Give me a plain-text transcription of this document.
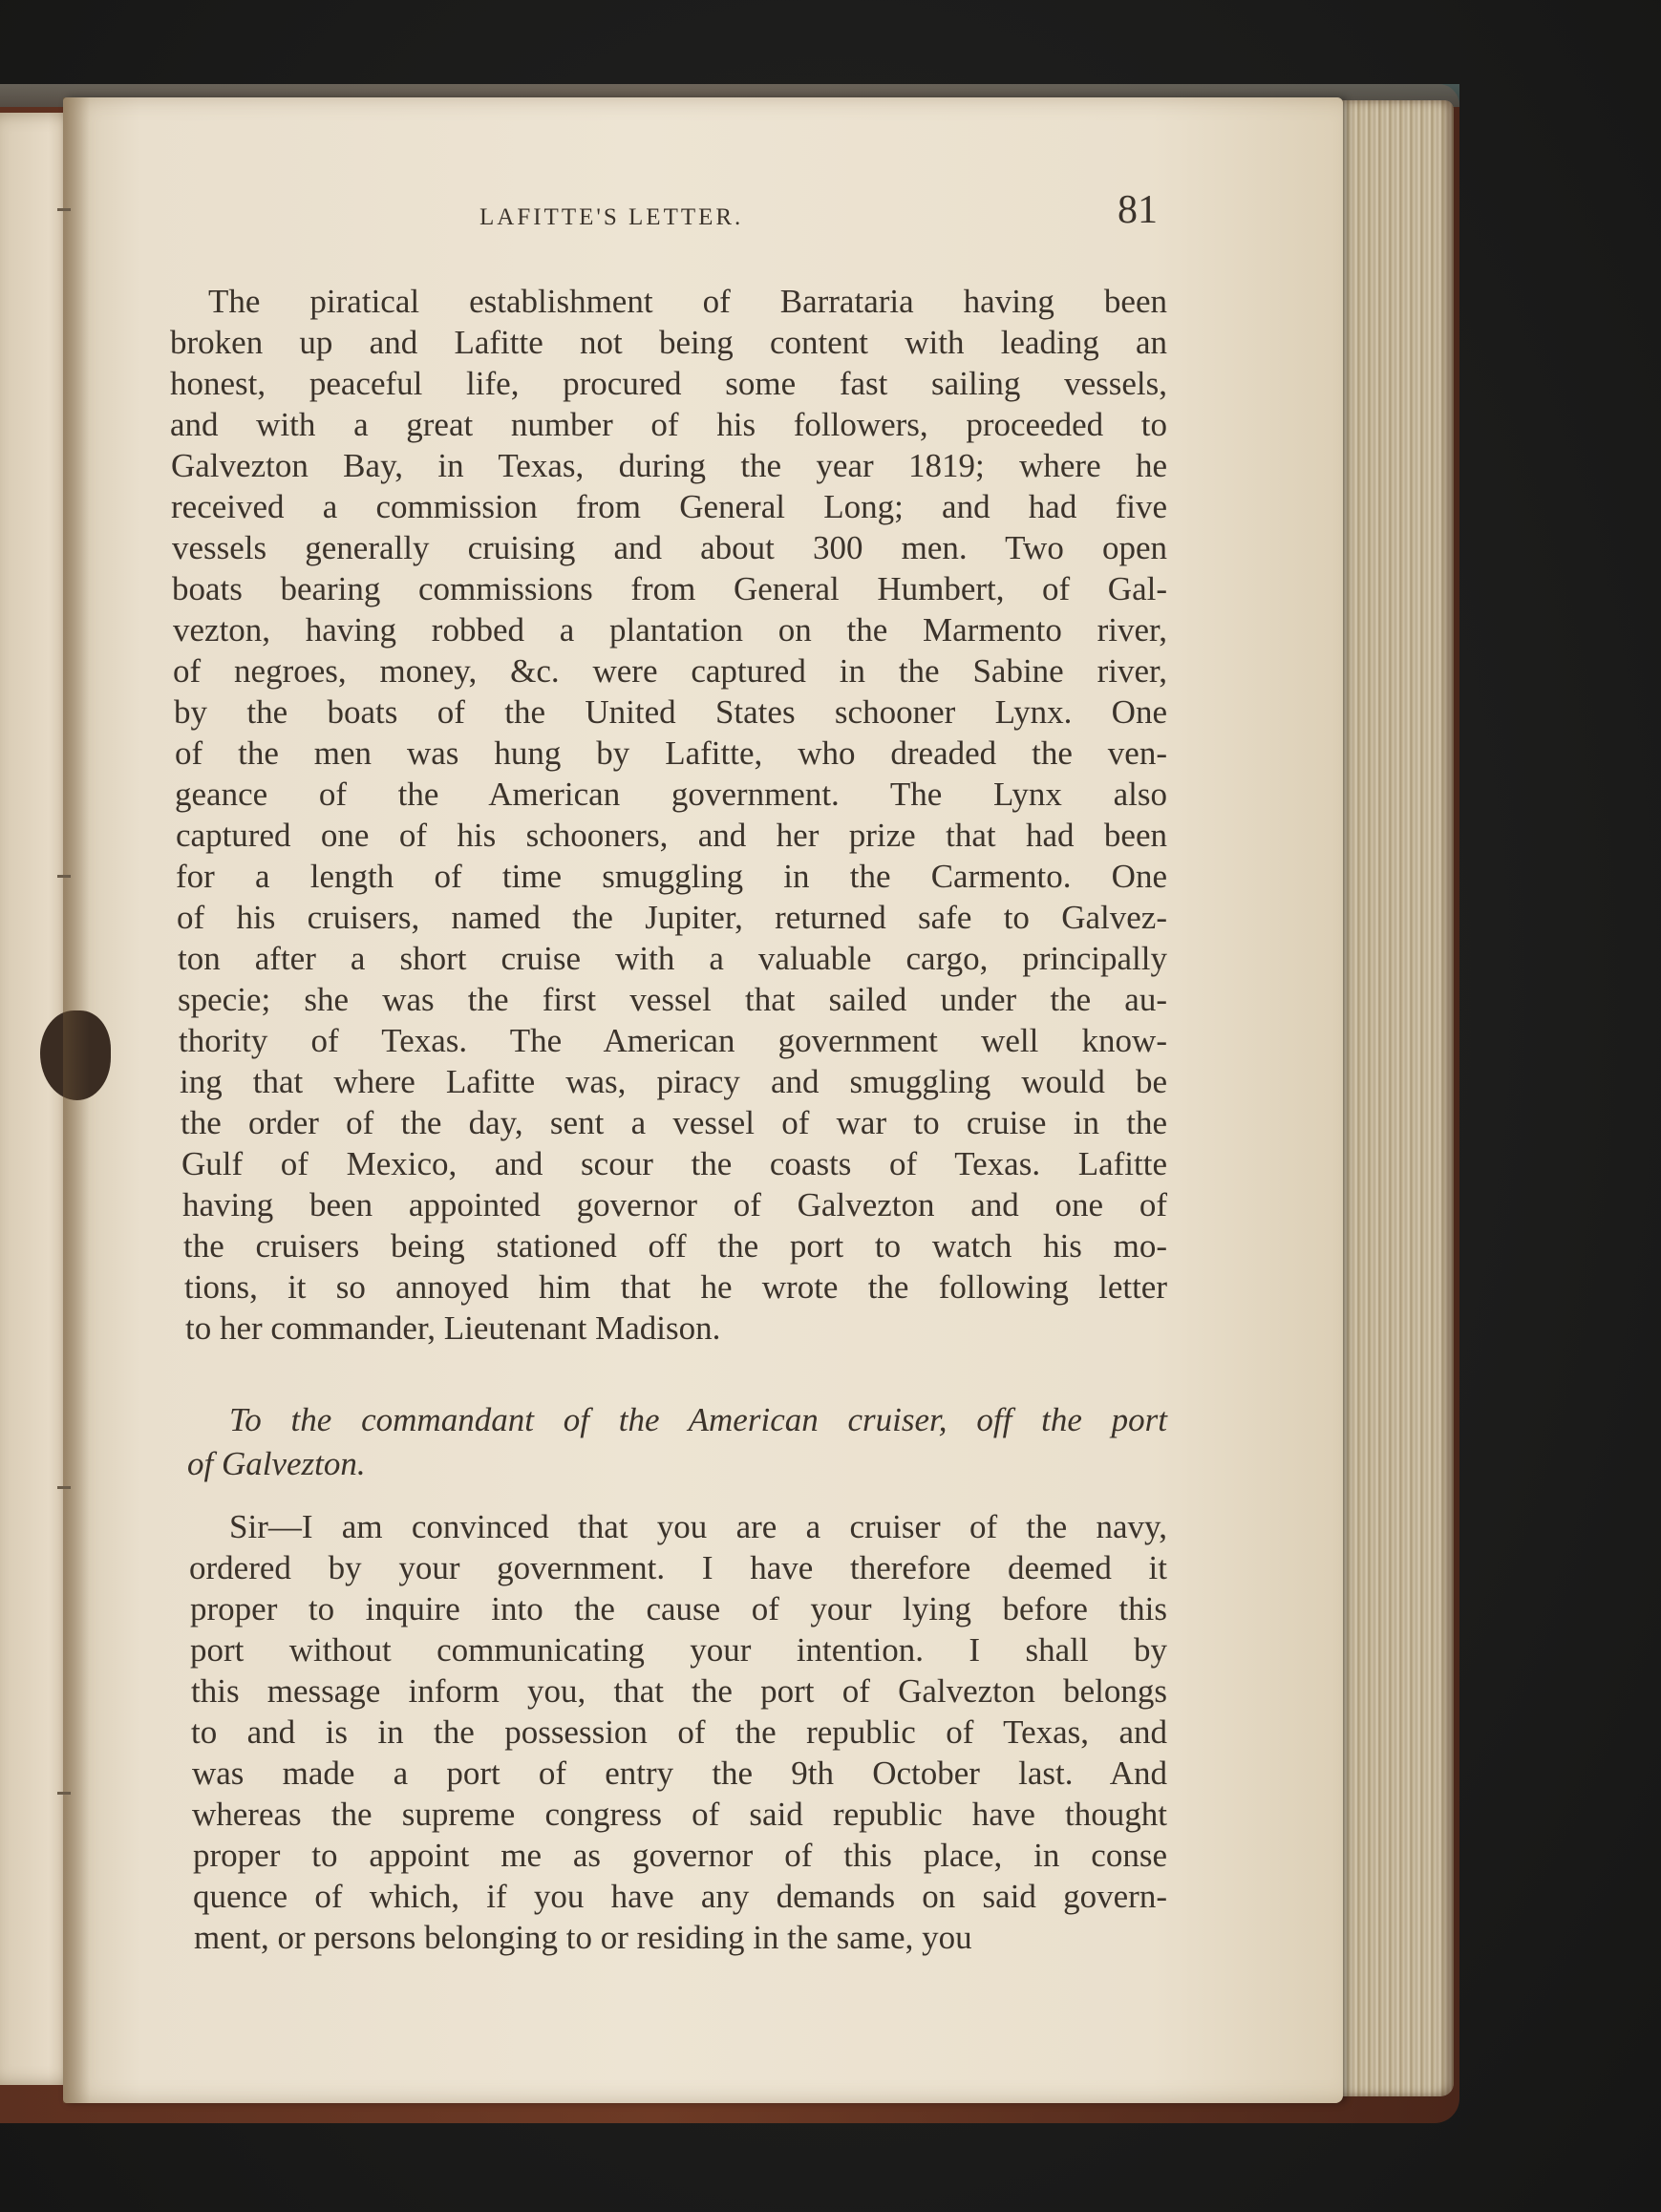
LAFITTE'S LETTER.	81
The piratical establishment of Barrataria having been
broken up and Lafitte not being content with leading an
honest, peaceful life, procured some fast sailing vessels,
and with a great number of his followers, proceeded to
Galvezton Bay, in Texas, during the year 1819; where he
received a commission from General Long; and had five
vessels generally cruising and about 300 men. Two open
boats bearing commissions from General Humbert, of Gal-
vezton, having robbed a plantation on the Marmento river,
of negroes, money, &c. were captured in the Sabine river,
by the boats of the United States schooner Lynx. One
of the men was hung by Lafitte, who dreaded the ven-
geance of the American government. The Lynx also
captured one of his schooners, and her prize that had been
for a length of time smuggling in the Carmento. One
of his cruisers, named the Jupiter, returned safe to Galvez-
ton after a short cruise with a valuable cargo, principally
specie; she was the first vessel that sailed under the au-
thority of Texas. The American government well know-
ing that where Lafitte was, piracy and smuggling would be
the order of the day, sent a vessel of war to cruise in the
Gulf of Mexico, and scour the coasts of Texas. Lafitte
having been appointed governor of Galvezton and one of
the cruisers being stationed off the port to watch his mo-
tions, it so annoyed him that he wrote the following letter
to her commander, Lieutenant Madison.
To the commandant of the American cruiser, off the port
of Galvezton.
Sir—I am convinced that you are a cruiser of the navy,
ordered by your government. I have therefore deemed it
proper to inquire into the cause of your lying before this
port without communicating your intention. I shall by
this message inform you, that the port of Galvezton belongs
to and is in the possession of the republic of Texas, and
was made a port of entry the 9th October last. And
whereas the supreme congress of said republic have thought
proper to appoint me as governor of this place, in conse
quence of which, if you have any demands on said govern-
ment, or persons belonging to or residing in the same, you
